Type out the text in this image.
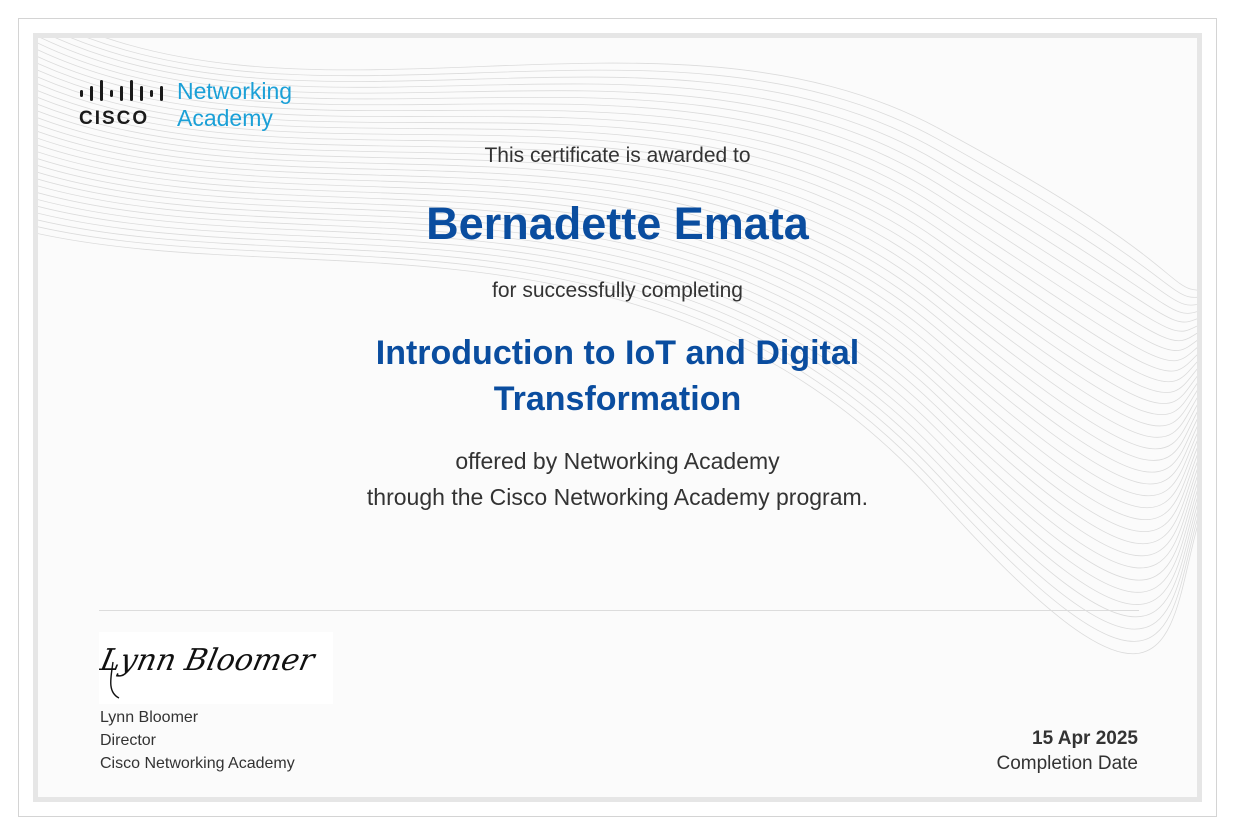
CISCO
Networking
Academy
This certificate is awarded to
Bernadette Emata
for successfully completing
Introduction to IoT and Digital
Transformation
offered by Networking Academy
through the Cisco Networking Academy program.
Lynn Bloomer
Lynn Bloomer
Director
Cisco Networking Academy
15 Apr 2025
Completion Date
